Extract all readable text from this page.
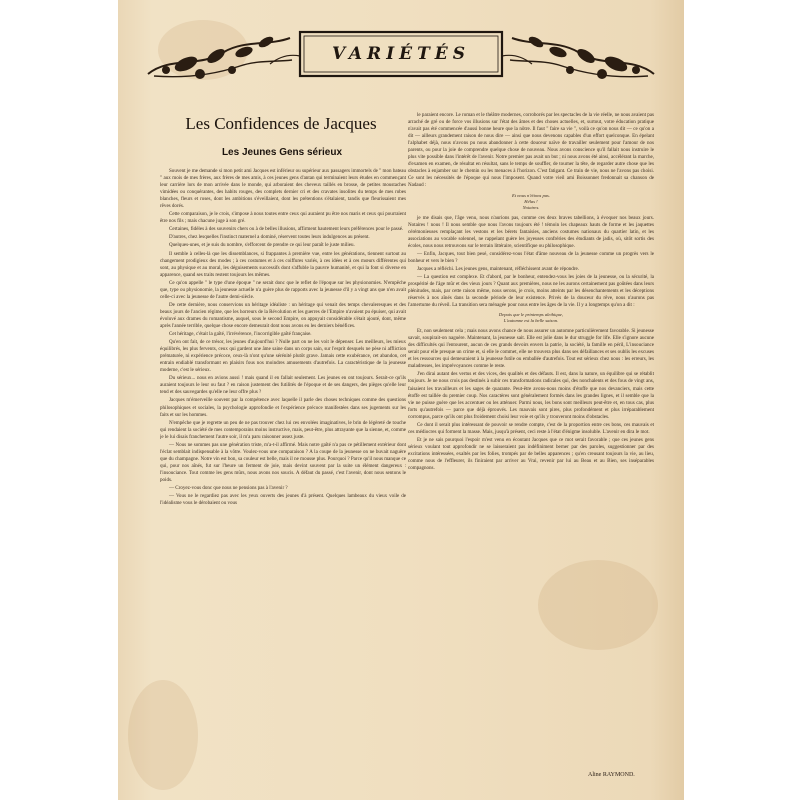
VARIÉTÉS
Les Confidences de Jacques
Les Jeunes Gens sérieux

Souvent je me demande si mon petit ami Jacques est inférieur ou supérieur aux passagers immortels de " mon bateau " aux mois de mes frères, aux frères de mes amis, à ces jeunes gens d'antan qui terminaient leurs études en commençant leur carrière lors de mon arrivée dans le monde, qui arboraient des cheveux taillés en brosse, de petites moustaches vimidées ou conquérantes, des habits rouges, des complets dernier cri et des cravates insolites du temps de mes robes blanches, fleurs et roses, dont les ambitions s'éveillaient, dont les prétentions s'étalaient, tandis que fleurissaient mes rêves dorés.

Cette comparaison, je le crois, s'impose à nous toutes entre ceux qui auraient pu être nos maris et ceux qui pourraient être nos fils ; mais chacune juge à son gré.

Certaines, fidèles à des souvenirs chers ou à de belles illusions, affirment hautement leurs préférences pour le passé.

D'autres, chez lesquelles l'instinct maternel a dominé, réservent toutes leurs indulgences au présent.

Quelques-unes, et je suis du nombre, s'efforcent de prendre ce qui leur paraît le juste milieu.

Il semble à celles-là que les dissemblances, si frappantes à première vue, entre les générations, tiennent surtout au changement prodigieux des modes ; à ces costumes et à ces coiffures variés, à ces idées et à ces mœurs différentes qui sont, au physique et au moral, les déguisements successifs dont s'affuble la pauvre humanité, et qui la font si diverse en apparence, quand ses traits restent toujours les mêmes.

Ce qu'on appelle " le type d'une époque " ne serait donc que le reflet de l'époque sur les physionomies. N'empêche que, type ou physionomie, la jeunesse actuelle n'a guère plus de rapports avec la jeunesse d'il y a vingt ans que n'en avait celle-ci avec la jeunesse de l'autre demi-siècle.

De cette dernière, nous conservions un héritage idéaliste : un héritage qui venait des temps chevaleresques et des beaux jours de l'ancien régime, que les horreurs de la Révolution et les guerres de l'Empire n'avaient pu épuiser, qui avait évoluvé aux drames du romantisme, auquel, sous le second Empire, on appuyait considérable s'était ajouté, dont, même après l'année terrible, quelque chose encore demeurait dont nous avons eu les derniers bénéfices.

Cet héritage, c'était la gaîté, l'irrévérence, l'incorrigible gaîté française.

Qu'en ont fait, de ce trésor, les jeunes d'aujourd'hui ? Nulle part on ne les voit le dépenser. Les meilleurs, les mieux équilibrés, les plus fervents, ceux qui gardent une âme saine dans un corps sain, sur l'esprit desquels ne pèse ni affliction prématurée, ni expérience précoce, ceux-là n'ont qu'une sérénité plutôt grave. Jamais cette exubérance, cet abandon, cet entrain endiablé transformant en plaisirs fous nos moindres amusements d'autrefois. La caractéristique de la jeunesse moderne, c'est le sérieux.

Du sérieux... nous en avions aussi ! mais quand il en fallait seulement. Les jeunes en ont toujours. Serait-ce qu'ils auraient toujours le leur ou faut ? en raison justement des futilités de l'époque et de ses dangers, des pièges qu'elle leur tend et des sauvegardes qu'elle ne leur offre plus ?

Jacques m'émerveille souvent par la compétence avec laquelle il parle des choses techniques comme des questions philosophiques et sociales, la psychologie approfondie et l'expérience précoce manifestées dans ses jugements sur les faits et sur les hommes.

N'empêche que je regrette un peu de ne pas trouver chez lui ces envolées imaginatives, le brin de légèreté de touche qui rendaient la société de mes contemporains moins instructive, mais, peut-être, plus attrayante que la sienne, et, comme je le lui disais franchement l'autre soir, il m'a paru raisonner assez juste.

— Nous ne sommes pas une génération triste, m'a-t-il affirmé. Mais notre gaîté n'a pas ce pétillement extérieur dont l'éclat semblait indispensable à la vôtre. Voulez-vous une comparaison ? A la coupe de la jeunesse on ne buvait naguère que du champagne. Notre vin est bon, sa couleur est belle, mais il ne mousse plus. Pourquoi ? Parce qu'il nous manque ce qui, pour nos aînés, fut sur l'heure un ferment de joie, mais devint souvent par la suite un élément dangereux : l'insouciance. Tout comme les gens mûrs, nous avons nos soucis. A défaut du passé, c'est l'avenir, dont nous sentons le poids.

— Croyez-vous donc que nous ne pensions pas à l'avenir ?

— Vous ne le regardiez pas avec les yeux ouverts des jeunes d'à présent. Quelques lambeaux du vieux voile de l'idéalisme vous le dérobaient ou vous

le paraient encore. Le roman et le théâtre modernes, corroborés par les spectacles de la vie réelle, ne nous avaient pas arraché de gré ou de force vos illusions sur l'état des âmes et des choses actuelles, et, surtout, votre éducation pratique n'avait pas été commencée d'aussi bonne heure que la nôtre. Il faut " faire sa vie ", voilà ce qu'on nous dit — ce qu'on a dit — ailleurs grandement raison de nous dire — ainsi que nous devenons capables d'un effort quelconque. En épelant l'alphabet déjà, nous n'avons pu nous abandonner à cette douceur naïve de travailler seulement pour l'amour de nos parents, ou pour la joie de comprendre quelque chose de nouveau. Nous avons conscience qu'il fallait nous instruire le plus vite possible dans l'intérêt de l'avenir. Notre premier pas avait un but ; ni nous avons été ainsi, accélérant la marche, d'examen en examen, de résultat en résultat, sans le temps de souffler, de tourner la tête, de regarder autre chose que les obstacles à enjamber sur le chemin ou les menaces à l'horizon. C'est fatigant. Ce train de vie, nous ne l'avons pas choisi. Ce sont les nécessités de l'époque qui nous l'imposent. Quand votre vieil ami Boissonnet fredonnait sa chanson de Nadaud :

Et nous n'étions pas.
Hélas !
Notaires.

je me disais que, l'âge venu, nous n'aurions pas, comme ces deux braves tabellions, à évoquer nos beaux jours. Notaires ! nous ! Il nous semble que nous l'avons toujours été ! témoin les chapeaux hauts de forme et les jaquettes cérémonieuses remplaçant les vestons et les bérets fantaisies, anciens costumes nationaux du quartier latin, et les associations au vocable solennel, ne rappelant guère les joyeuses confréries des étudiants de jadis, où, sitôt sortis des écoles, nous nous retrouvons sur le terrain littéraire, scientifique ou philosophique.

— Enfin, Jacques, tout bien pesé, considérez-vous l'état d'âme nouveau de la jeunesse comme un progrès vers le bonheur et vers le bien ?

Jacques a réfléchi. Les jeunes gens, maintenant, réfléchissent avant de répondre.

— La question est complexe. Et d'abord, par le bonheur, entendez-vous les joies de la jeunesse, ou la sécurité, la prospérité de l'âge mûr et des vieux jours ? Quant aux premières, nous ne les aurons certainement pas goûtées dans leurs plénitudes, mais, par cette raison même, nous serons, je crois, moins atteints par les désenchantements et les déceptions réservés à nos aînés dans la seconde période de leur existence. Privés de la douceur du rêve, nous n'aurons pas l'amertume du réveil. La transition sera ménagée pour nous entre les âges de la vie. Il y a longtemps qu'on a dit :

Depuis que le printemps alethique,
L'automne est la belle saison.

Et, non seulement cela ; mais nous avons chance de nous assurer un automne particulièrement favorable. Si jeunesse savait, soupirait-on naguère. Maintenant, la jeunesse sait. Elle est jolie dans le dur struggle for life. Elle s'ignore aucune des difficultés qui l'entourent, aucun de ces grands devoirs envers la patrie, la société, la famille en péril, L'insouciance serait pour elle presque un crime et, si elle le commet, elle ne trouvera plus dans ses défaillances et ses oublis les excuses et les ressources qui demeuraient à la jeunesse futile ou emballée d'autrefois. Tout est sérieux chez nous : les erreurs, les maladresses, les imprévoyances comme le reste.

J'en dirai autant des vertus et des vices, des qualités et des défauts. Il est, dans la nature, un équilibre qui se rétablit toujours. Je ne nous crois pas destinés à subir ces transformations radicales qui, des nonchalents et des fous de vingt ans, faisaient les travailleurs et les sages de quarante. Peut-être avons-nous moins d'étoffe que nos devanciers, mais cette étoffe est taillée du premier coup. Nos caractères sont généralement formés dans les grandes lignes, et il semble que la vie ne puisse guère que les accentuer ou les atténuer. Parmi nous, les bons sont meilleurs peut-être et, en tous cas, plus forts qu'autrefois — parce que déjà éprouvés. Les mauvais sont pires, plus profondément et plus irréparablement corrompus, parce qu'ils ont plus froidement choisi leur voie et qu'ils y trouveront moins d'obstacles.

Ce dont il serait plus intéressant de pouvoir se rendre compte, c'est de la proportion entre ces bons, ces mauvais et ces médiocres qui forment la masse. Mais, jusqu'à présent, ceci reste à l'état d'énigme insoluble. L'avenir en dira le mot.

Et je ne sais pourquoi l'espoir m'est venu en écoutant Jacques que ce mot serait favorable ; que ces jeunes gens sérieux voulant tout approfondir ne se laisseraient pas indéfiniment berner par des paroles, suggestionner par des excitations intéressées, exaltés par les folies, trompés par de belles apparences ; qu'en creusant toujours la vie, au lieu, comme nous de l'effleurer, ils finiraient par arriver au Vrai, revenir par lui au Beau et au Bien, ses inséparables compagnons.

Aline RAYMOND.
